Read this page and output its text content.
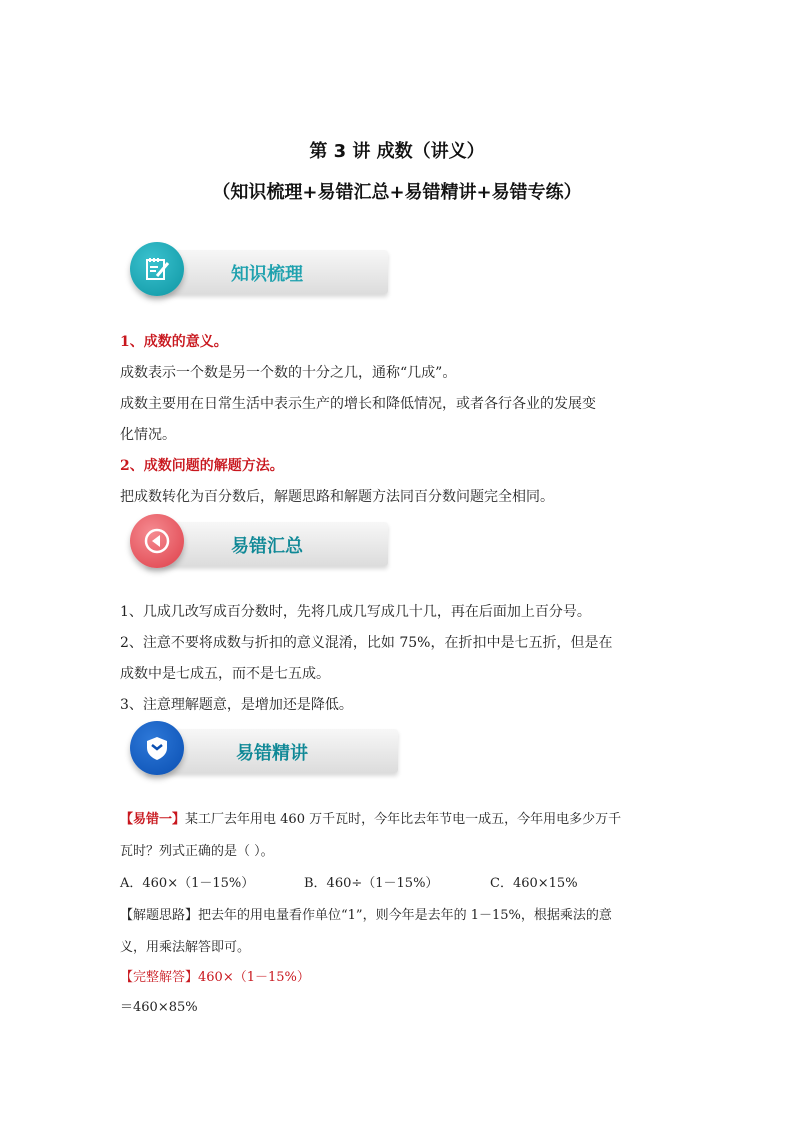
第 3 讲 成数（讲义）
（知识梳理+易错汇总+易错精讲+易错专练）
知识梳理
1、成数的意义。
成数表示一个数是另一个数的十分之几，通称“几成”。
成数主要用在日常生活中表示生产的增长和降低情况，或者各行各业的发展变
化情况。
2、成数问题的解题方法。
把成数转化为百分数后，解题思路和解题方法同百分数问题完全相同。
易错汇总
1、几成几改写成百分数时，先将几成几写成几十几，再在后面加上百分号。
2、注意不要将成数与折扣的意义混淆，比如 75%，在折扣中是七五折，但是在
成数中是七成五，而不是七五成。
3、注意理解题意，是增加还是降低。
易错精讲
【易错一】某工厂去年用电 460 万千瓦时，今年比去年节电一成五，今年用电多少万千
瓦时？列式正确的是（ ）。
A．460×（1－15%）	B．460÷（1－15%）	C．460×15%
【解题思路】把去年的用电量看作单位“1”，则今年是去年的 1－15%，根据乘法的意
义，用乘法解答即可。
【完整解答】460×（1－15%）
＝460×85%
